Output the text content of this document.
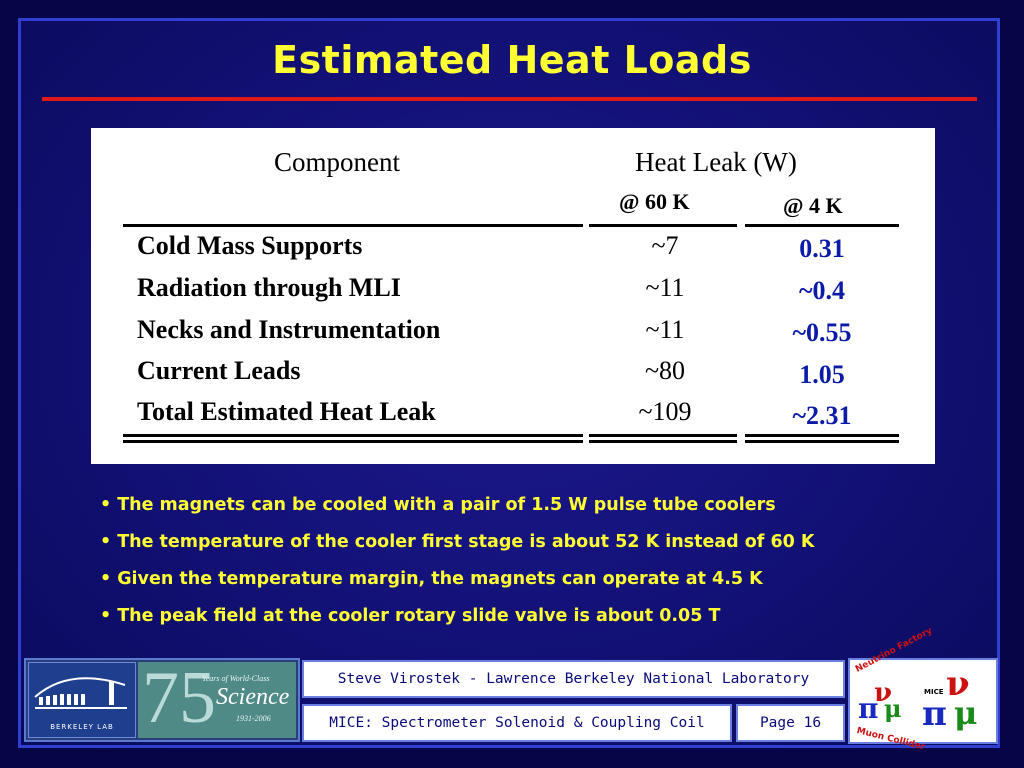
Estimated Heat Loads
Component	Heat Leak (W)
@ 60 K	@ 4 K
Cold Mass Supports	~7	0.31
Radiation through MLI	~11	~0.4
Necks and Instrumentation	~11	~0.55
Current Leads	~80	1.05
Total Estimated Heat Leak	~109	~2.31
• The magnets can be cooled with a pair of 1.5 W pulse tube coolers
• The temperature of the cooler first stage is about 52 K instead of 60 K
• Given the temperature margin, the magnets can operate at 4.5 K
• The peak field at the cooler rotary slide valve is about 0.05 T
BERKELEY LAB 75
Years of World-Class
Science
1931-2006
Steve Virostek - Lawrence Berkeley National Laboratory
MICE: Spectrometer Solenoid & Coupling Coil	Page 16
Neutrino Factory
Muon Collider
MICE
π
ν
μ π
ν
μ
